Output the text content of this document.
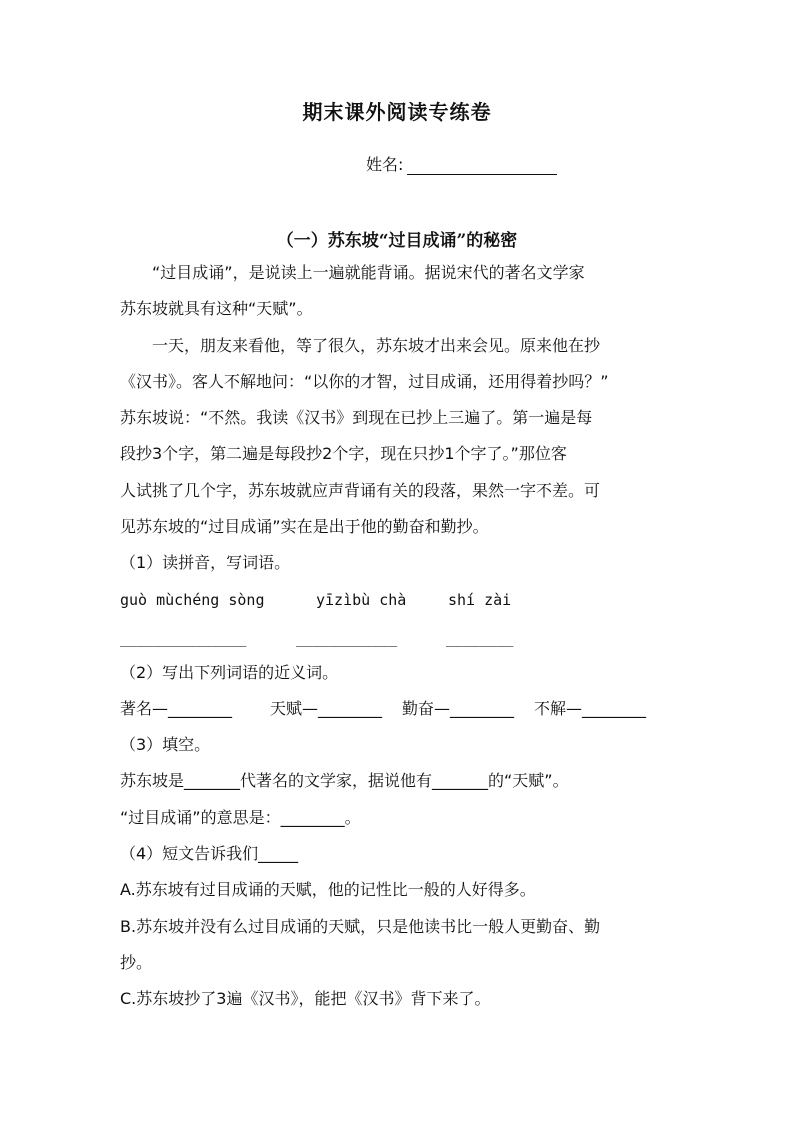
期末课外阅读专练卷
姓名:
（一）苏东坡“过目成诵”的秘密
“过目成诵”，是说读上一遍就能背诵。据说宋代的著名文学家
苏东坡就具有这种“天赋”。
一天，朋友来看他，等了很久，苏东坡才出来会见。原来他在抄
《汉书》。客人不解地问：“以你的才智，过目成诵，还用得着抄吗？”
苏东坡说：“不然。我读《汉书》到现在已抄上三遍了。第一遍是每
段抄3个字，第二遍是每段抄2个字，现在只抄1个字了。”那位客
人试挑了几个字，苏东坡就应声背诵有关的段落，果然一字不差。可
见苏东坡的“过目成诵”实在是出于他的勤奋和勤抄。
（1）读拼音，写词语。
guò mùchéng sòng	yīzìbù chà	shí zài
_______________	____________	________
（2）写出下列词语的近义词。
著名—________ 天赋—________ 勤奋—________ 不解—________
（3）填空。
苏东坡是_______代著名的文学家，据说他有_______的“天赋”。
“过目成诵”的意思是：________。
（4）短文告诉我们_____
A.苏东坡有过目成诵的天赋，他的记性比一般的人好得多。
B.苏东坡并没有么过目成诵的天赋，只是他读书比一般人更勤奋、勤
抄。
C.苏东坡抄了3遍《汉书》，能把《汉书》背下来了。
